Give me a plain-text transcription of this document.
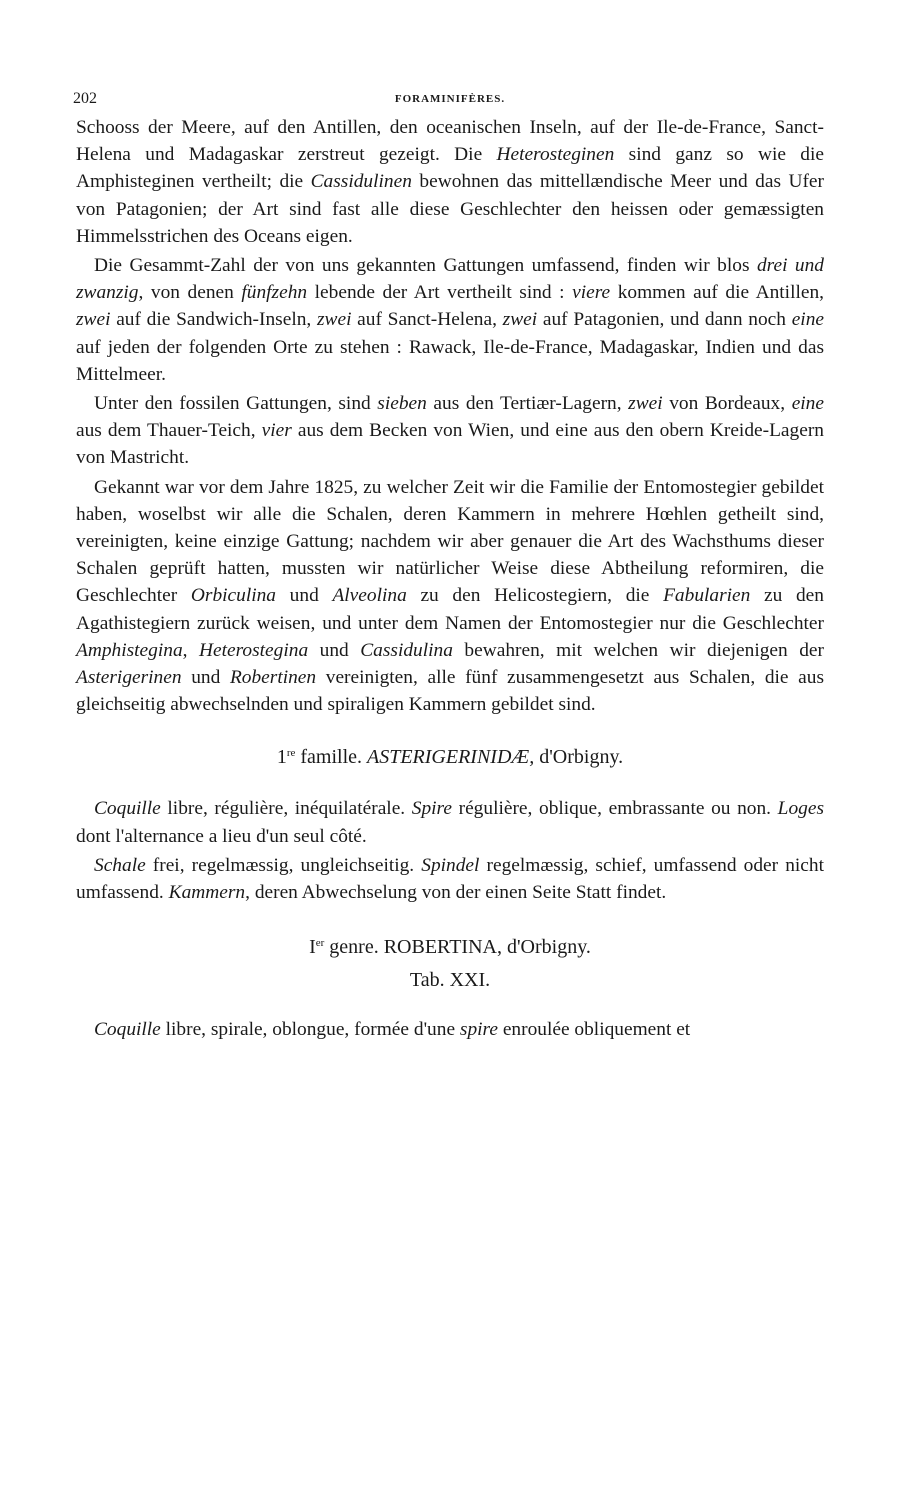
202	FORAMINIFÈRES.

Schooss der Meere, auf den Antillen, den oceanischen Inseln, auf der Ile-de-France, Sanct-Helena und Madagaskar zerstreut gezeigt. Die Heterosteginen sind ganz so wie die Amphisteginen vertheilt; die Cassidulinen bewohnen das mittellændische Meer und das Ufer von Patagonien; der Art sind fast alle diese Geschlechter den heissen oder gemæssigten Himmelsstrichen des Oceans eigen.

Die Gesammt-Zahl der von uns gekannten Gattungen umfassend, finden wir blos drei und zwanzig, von denen fünfzehn lebende der Art vertheilt sind : viere kommen auf die Antillen, zwei auf die Sandwich-Inseln, zwei auf Sanct-Helena, zwei auf Patagonien, und dann noch eine auf jeden der folgenden Orte zu stehen : Rawack, Ile-de-France, Madagaskar, Indien und das Mittelmeer.

Unter den fossilen Gattungen, sind sieben aus den Tertiær-Lagern, zwei von Bordeaux, eine aus dem Thauer-Teich, vier aus dem Becken von Wien, und eine aus den obern Kreide-Lagern von Mastricht.

Gekannt war vor dem Jahre 1825, zu welcher Zeit wir die Familie der Entomostegier gebildet haben, woselbst wir alle die Schalen, deren Kammern in mehrere Hœhlen getheilt sind, vereinigten, keine einzige Gattung; nachdem wir aber genauer die Art des Wachsthums dieser Schalen geprüft hatten, mussten wir natürlicher Weise diese Abtheilung reformiren, die Geschlechter Orbiculina und Alveolina zu den Helicostegiern, die Fabularien zu den Agathistegiern zurück weisen, und unter dem Namen der Entomostegier nur die Geschlechter Amphistegina, Heterostegina und Cassidulina bewahren, mit welchen wir diejenigen der Asterigerinen und Robertinen vereinigten, alle fünf zusammengesetzt aus Schalen, die aus gleichseitig abwechselnden und spiraligen Kammern gebildet sind.

1re famille. ASTERIGERINIDÆ, d'Orbigny.

Coquille libre, régulière, inéquilatérale. Spire régulière, oblique, embrassante ou non. Loges dont l'alternance a lieu d'un seul côté.

Schale frei, regelmæssig, ungleichseitig. Spindel regelmæssig, schief, umfassend oder nicht umfassend. Kammern, deren Abwechselung von der einen Seite Statt findet.

Ier genre. ROBERTINA, d'Orbigny.

Tab. XXI.

Coquille libre, spirale, oblongue, formée d'une spire enroulée obliquement et
